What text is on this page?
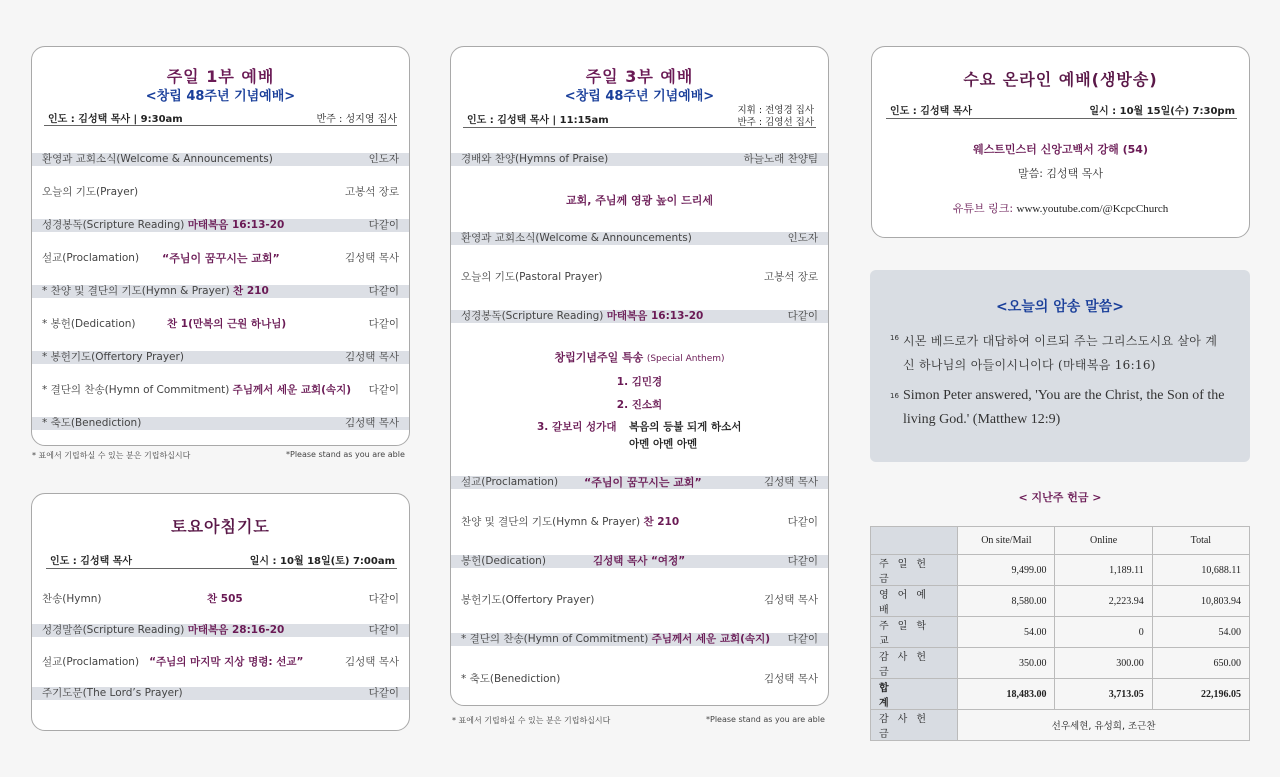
주일 1부 예배
<창립 48주년 기념예배>
인도 : 김성택 목사 | 9:30am	반주 : 성지영 집사
환영과 교회소식(Welcome & Announcements)	인도자
오늘의 기도(Prayer)	고봉석 장로
성경봉독(Scripture Reading) 마태복음 16:13-20	다같이
설교(Proclamation) “주님이 꿈꾸시는 교회”	김성택 목사
* 찬양 및 결단의 기도(Hymn & Prayer) 찬 210	다같이
* 봉헌(Dedication)	찬 1(만복의 근원 하나님)	다같이
* 봉헌기도(Offertory Prayer)	김성택 목사
* 결단의 찬송(Hymn of Commitment) 주님께서 세운 교회(속지) 다같이
* 축도(Benediction)	김성택 목사
* 표에서 기립하실 수 있는 분은 기립하십시다	*Please stand as you are able
토요아침기도
인도 : 김성택 목사	일시 : 10월 18일(토) 7:00am
찬송(Hymn)	찬 505	다같이
성경말씀(Scripture Reading) 마태복음 28:16-20	다같이
설교(Proclamation) “주님의 마지막 지상 명령: 선교”	김성택 목사
주기도문(The Lord’s Prayer)	다같이
주일 3부 예배
<창립 48주년 기념예배>
인도 : 김성택 목사 | 11:15am
지휘 : 전영경 집사
반주 : 김영선 집사
경배와 찬양(Hymns of Praise)	하늘노래 찬양팀
교회, 주님께 영광 높이 드리세
환영과 교회소식(Welcome & Announcements)	인도자
오늘의 기도(Pastoral Prayer)	고봉석 장로
성경봉독(Scripture Reading) 마태복음 16:13-20	다같이
창립기념주일 특송 (Special Anthem)
1. 김민경
2. 진소희
3. 갈보리 성가대 복음의 등불 되게 하소서
아멘 아멘 아멘
설교(Proclamation) “주님이 꿈꾸시는 교회”	김성택 목사
찬양 및 결단의 기도(Hymn & Prayer) 찬 210	다같이
봉헌(Dedication)	김성택 목사 “여정”	다같이
봉헌기도(Offertory Prayer)	김성택 목사
* 결단의 찬송(Hymn of Commitment) 주님께서 세운 교회(속지) 다같이
* 축도(Benediction)	김성택 목사
* 표에서 기립하실 수 있는 분은 기립하십시다	*Please stand as you are able
수요 온라인 예배(생방송)
인도 : 김성택 목사	일시 : 10월 15일(수) 7:30pm
웨스트민스터 신앙고백서 강해 (54)
말씀: 김성택 목사
유튜브 링크: www.youtube.com/@KcpcChurch
<오늘의 암송 말씀>
16 시몬 베드로가 대답하여 이르되 주는 그리스도시요 살아 계신 하나님의 아들이시니이다 (마태복음 16:16)
16 Simon Peter answered, 'You are the Christ, the Son of the living God.' (Matthew 12:9)
< 지난주 헌금 >
	On site/Mail	Online	Total
주일헌금	9,499.00	1,189.11	10,688.11
영어예배	8,580.00	2,223.94	10,803.94
주일학교	54.00	0	54.00
감사헌금	350.00	300.00	650.00
합 계	18,483.00	3,713.05	22,196.05
감사헌금	선우세현, 유성희, 조근찬		
